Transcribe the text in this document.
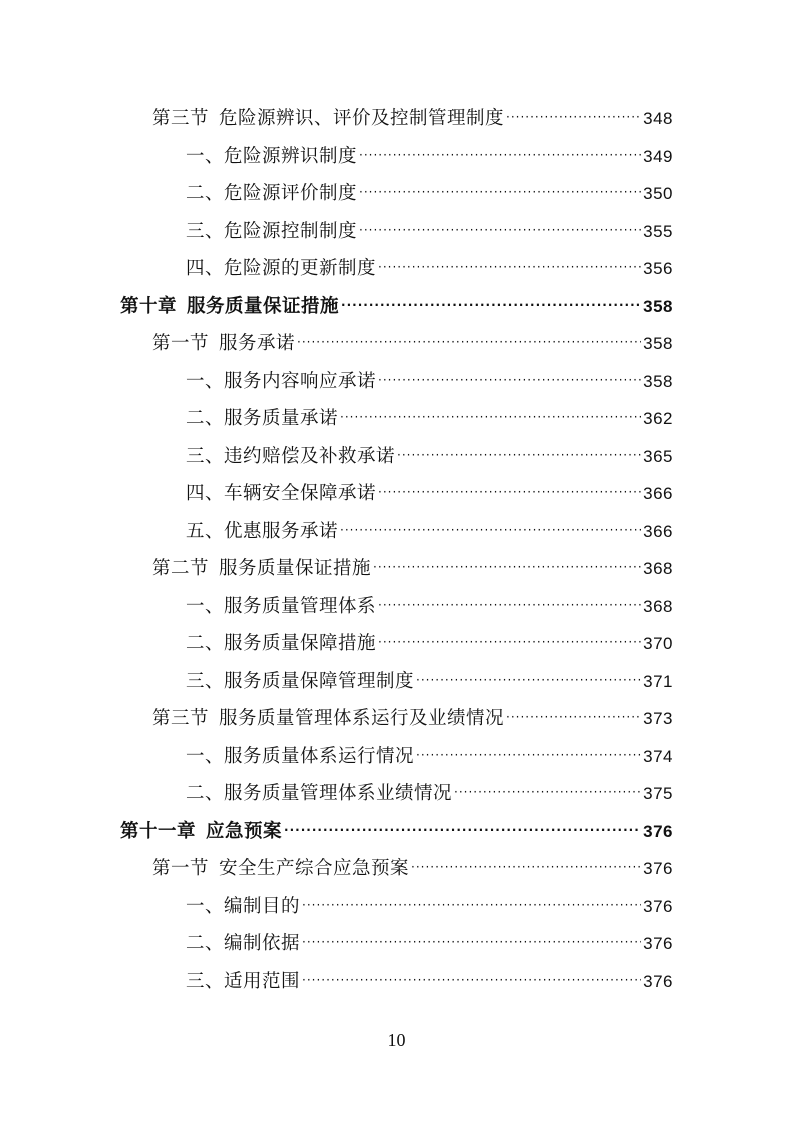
第三节 危险源辨识、评价及控制管理制度 ·····	348
一、危险源辨识制度 ·····	349
二、危险源评价制度 ·····	350
三、危险源控制制度 ·····	355
四、危险源的更新制度 ·····	356
第十章 服务质量保证措施 ·····	358
第一节 服务承诺 ·····	358
一、服务内容响应承诺 ·····	358
二、服务质量承诺 ·····	362
三、违约赔偿及补救承诺 ·····	365
四、车辆安全保障承诺 ·····	366
五、优惠服务承诺 ·····	366
第二节 服务质量保证措施 ·····	368
一、服务质量管理体系 ·····	368
二、服务质量保障措施 ·····	370
三、服务质量保障管理制度 ·····	371
第三节 服务质量管理体系运行及业绩情况 ·····	373
一、服务质量体系运行情况 ·····	374
二、服务质量管理体系业绩情况 ·····	375
第十一章 应急预案 ·····	376
第一节 安全生产综合应急预案 ·····	376
一、编制目的 ·····	376
二、编制依据 ·····	376
三、适用范围 ·····	376
10
